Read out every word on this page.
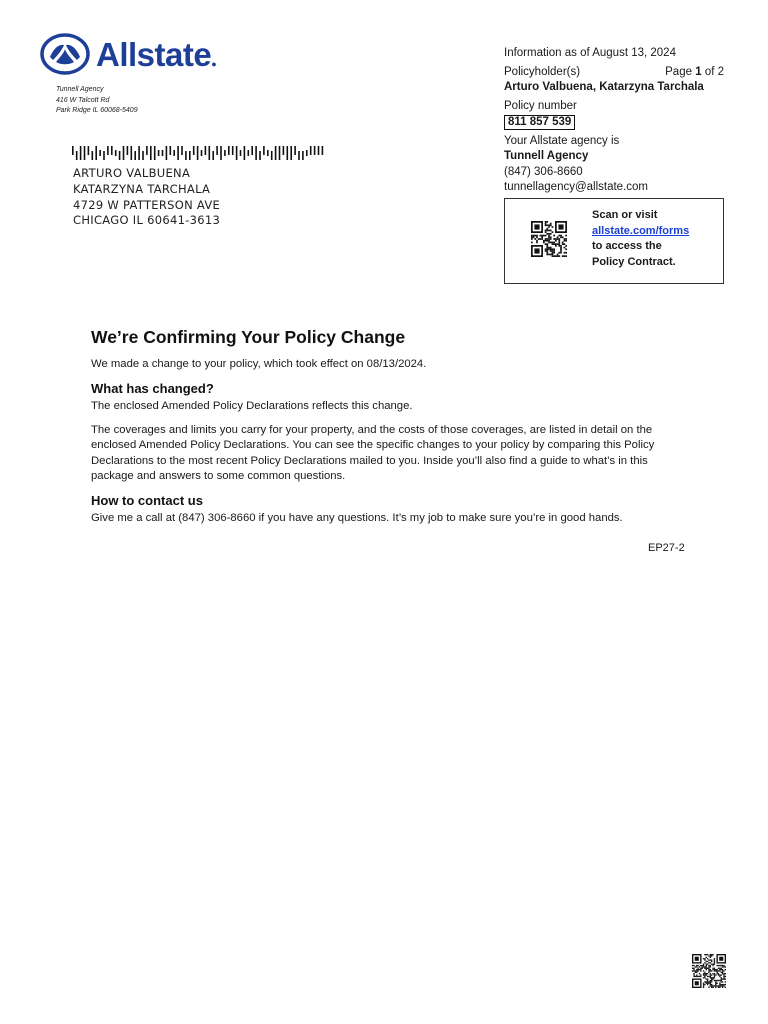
Allstate ●
Tunnell Agency
416 W Talcott Rd
Park Ridge IL 60068-5409
ARTURO VALBUENA
KATARZYNA TARCHALA
4729 W PATTERSON AVE
CHICAGO IL 60641-3613
Information as of August 13, 2024
Policyholder(s)	Page 1 of 2
Arturo Valbuena, Katarzyna Tarchala
Policy number
811 857 539
Your Allstate agency is
Tunnell Agency
(847) 306-8660
tunnellagency@allstate.com
Scan or visit
allstate.com/forms
to access the
Policy Contract.
We’re Confirming Your Policy Change
We made a change to your policy, which took effect on 08/13/2024.
What has changed?
The enclosed Amended Policy Declarations reflects this change.
The coverages and limits you carry for your property, and the costs of those coverages, are listed in detail on the enclosed Amended Policy Declarations. You can see the specific changes to your policy by comparing this Policy Declarations to the most recent Policy Declarations mailed to you. Inside you’ll also find a guide to what’s in this package and answers to some common questions.
How to contact us
Give me a call at (847) 306-8660 if you have any questions. It’s my job to make sure you’re in good hands.
EP27-2
